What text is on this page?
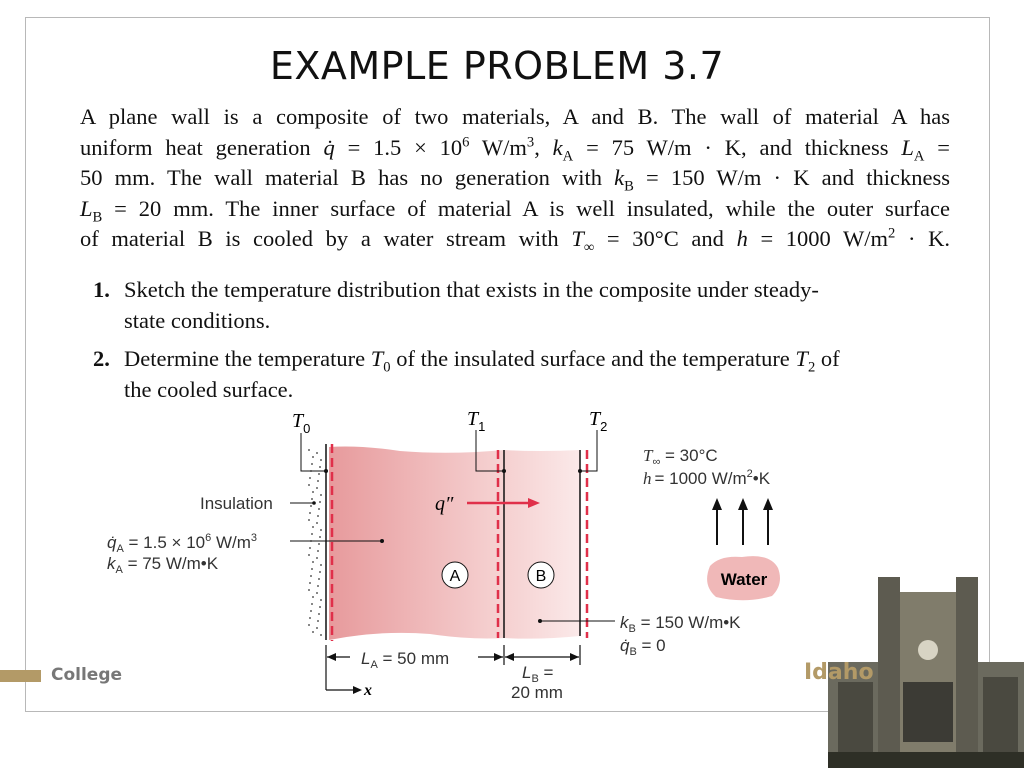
EXAMPLE PROBLEM 3.7
A plane wall is a composite of two materials, A and B. The wall of material A has
uniform heat generation q̇ = $1.5 \times 10^6$ $W/m^3$, $k_A = 75$ W/m · K, and thickness $L_A$ =
50 mm. The wall material B has no generation with $k_B = 150$ W/m · K and thickness
$L_B = 20$ mm. The inner surface of material A is well insulated, while the outer surface
of material B is cooled by a water stream with $T_\infty = 30^\circ C$ and h = 1000 $W/m^2 \cdot K$.
1. Sketch the temperature distribution that exists in the composite under steady-
state conditions.
2. Determine the temperature $T_0$ of the insulated surface and the temperature $T_2$ of
the cooled surface.
$T_0$	$T_1$	$T_2$
Insulation
$q̇_A = 1.5 \times 10^6$ $W/m^3$
$k_A = 75$ W/m•K
q″
A	B
$T_\infty = 30^\circ C$
h = 1000 $W/m^2•K$
Water
$k_B = 150$ W/m•K
$q̇_B = 0$
$L_A = 50$ mm
$L_B$ =
20 mm
x
College	Idaho
